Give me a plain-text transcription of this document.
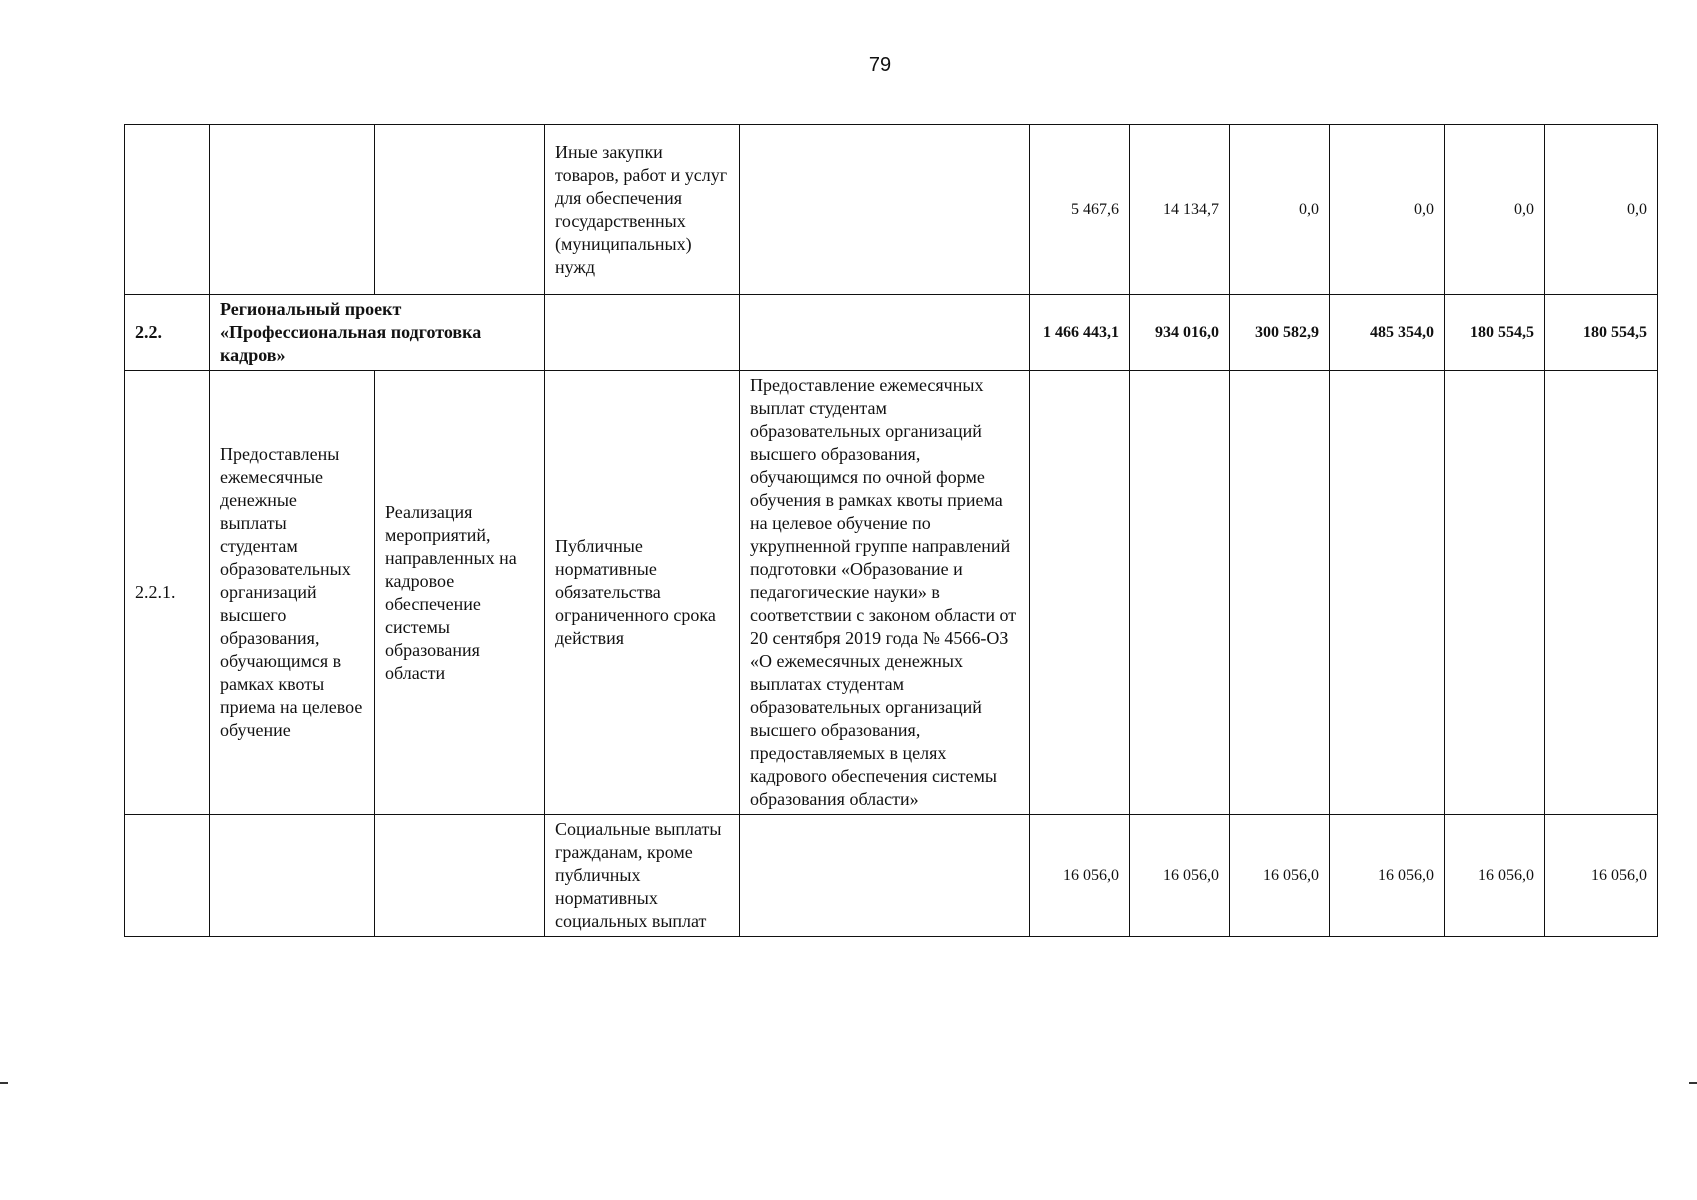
79
			Иные закупки товаров, работ и услуг для обеспечения государственных (муниципальных) нужд		5 467,6	14 134,7	0,0	0,0	0,0	0,0
2.2.	Региональный проект «Профессиональная подготовка кадров»				1 466 443,1	934 016,0	300 582,9	485 354,0	180 554,5	180 554,5
2.2.1.	Предоставлены ежемесячные денежные выплаты студентам образовательных организаций высшего образования, обучающимся в рамках квоты приема на целевое обучение	Реализация мероприятий, направленных на кадровое обеспечение системы образования области	Публичные нормативные обязательства ограниченного срока действия	Предоставление ежемесячных выплат студентам образовательных организаций высшего образования, обучающимся по очной форме обучения в рамках квоты приема на целевое обучение по укрупненной группе направлений подготовки «Образование и педагогические науки» в соответствии с законом области от 20 сентября 2019 года № 4566-ОЗ «О ежемесячных денежных выплатах студентам образовательных организаций высшего образования, предоставляемых в целях кадрового обеспечения системы образования области»						
			Социальные выплаты гражданам, кроме публичных нормативных социальных выплат		16 056,0	16 056,0	16 056,0	16 056,0	16 056,0	16 056,0
